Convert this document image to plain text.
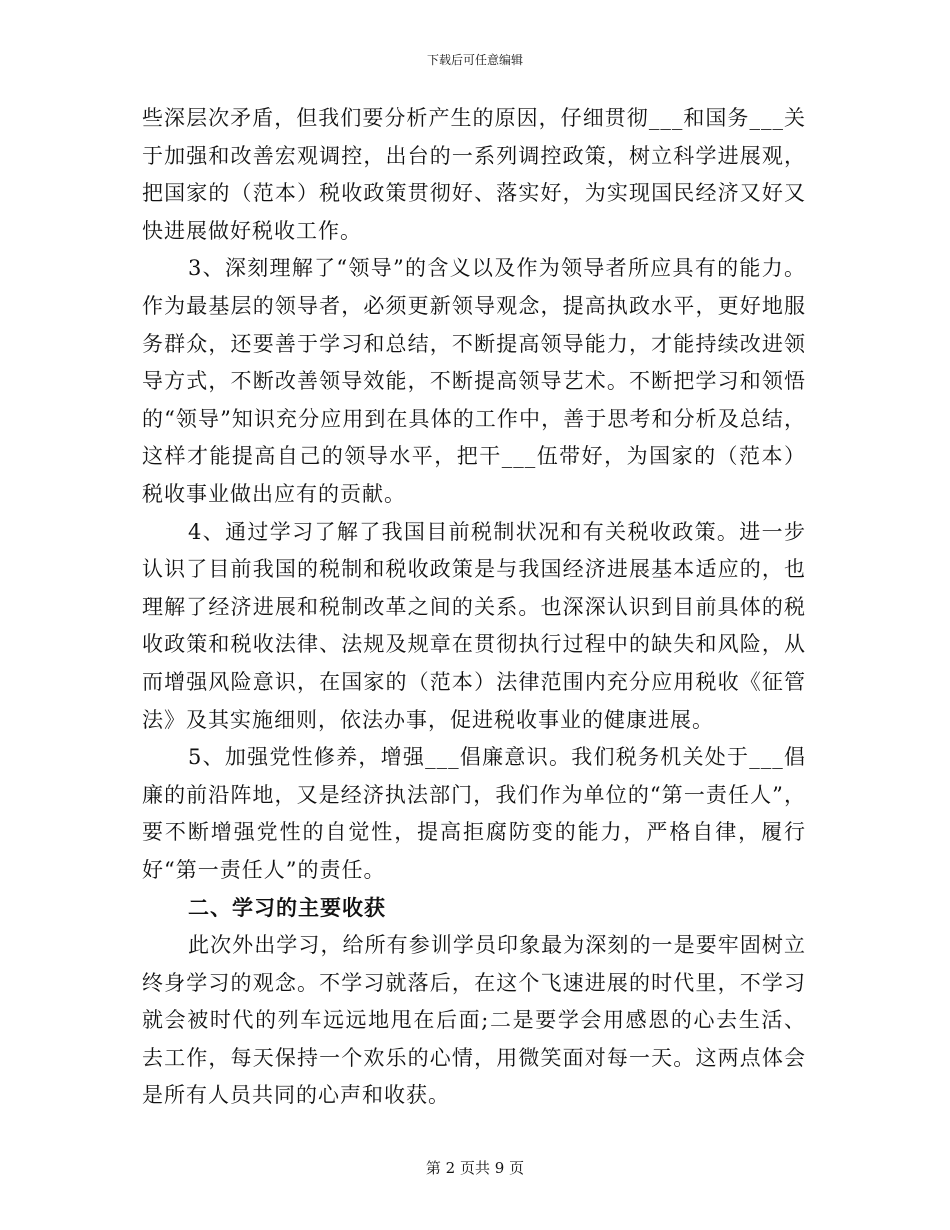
下载后可任意编辑

些深层次矛盾，但我们要分析产生的原因，仔细贯彻___和国务___关于加强和改善宏观调控，出台的一系列调控政策，树立科学进展观，把国家的（范本）税收政策贯彻好、落实好，为实现国民经济又好又快进展做好税收工作。

3、深刻理解了“领导”的含义以及作为领导者所应具有的能力。作为最基层的领导者，必须更新领导观念，提高执政水平，更好地服务群众，还要善于学习和总结，不断提高领导能力，才能持续改进领导方式，不断改善领导效能，不断提高领导艺术。不断把学习和领悟的“领导”知识充分应用到在具体的工作中，善于思考和分析及总结，这样才能提高自己的领导水平，把干___伍带好，为国家的（范本）税收事业做出应有的贡献。

4、通过学习了解了我国目前税制状况和有关税收政策。进一步认识了目前我国的税制和税收政策是与我国经济进展基本适应的，也理解了经济进展和税制改革之间的关系。也深深认识到目前具体的税收政策和税收法律、法规及规章在贯彻执行过程中的缺失和风险，从而增强风险意识，在国家的（范本）法律范围内充分应用税收《征管法》及其实施细则，依法办事，促进税收事业的健康进展。

5、加强党性修养，增强___倡廉意识。我们税务机关处于___倡廉的前沿阵地，又是经济执法部门，我们作为单位的“第一责任人”，要不断增强党性的自觉性，提高拒腐防变的能力，严格自律，履行好“第一责任人”的责任。

二、学习的主要收获

此次外出学习，给所有参训学员印象最为深刻的一是要牢固树立终身学习的观念。不学习就落后，在这个飞速进展的时代里，不学习就会被时代的列车远远地甩在后面;二是要学会用感恩的心去生活、去工作，每天保持一个欢乐的心情，用微笑面对每一天。这两点体会是所有人员共同的心声和收获。

第 2 页共 9 页
